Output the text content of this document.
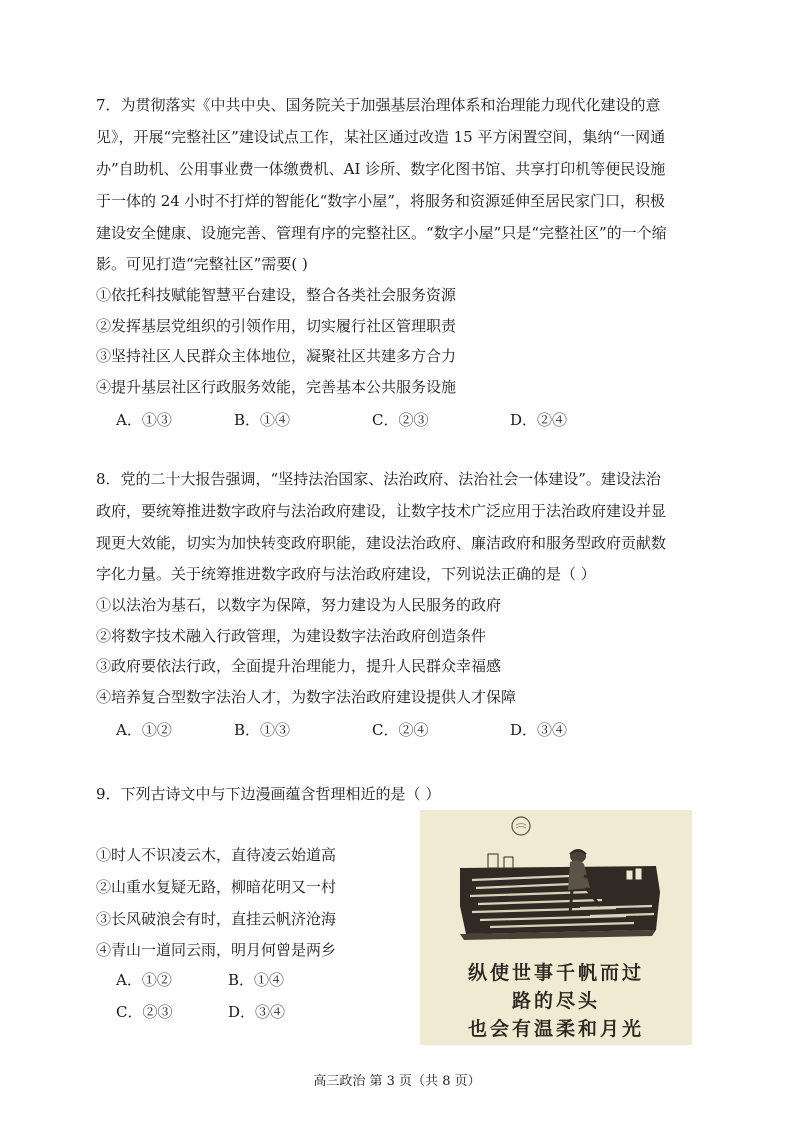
7．为贯彻落实《中共中央、国务院关于加强基层治理体系和治理能力现代化建设的意
见》，开展“完整社区”建设试点工作，某社区通过改造 15 平方闲置空间，集纳“一网通
办”自助机、公用事业费一体缴费机、AI 诊所、数字化图书馆、共享打印机等便民设施
于一体的 24 小时不打烊的智能化“数字小屋”，将服务和资源延伸至居民家门口，积极
建设安全健康、设施完善、管理有序的完整社区。“数字小屋”只是“完整社区”的一个缩
影。可见打造“完整社区”需要( )
①依托科技赋能智慧平台建设，整合各类社会服务资源
②发挥基层党组织的引领作用，切实履行社区管理职责
③坚持社区人民群众主体地位，凝聚社区共建多方合力
④提升基层社区行政服务效能，完善基本公共服务设施
A．①③	B．①④	C．②③	D．②④
8．党的二十大报告强调，“坚持法治国家、法治政府、法治社会一体建设”。建设法治
政府，要统筹推进数字政府与法治政府建设，让数字技术广泛应用于法治政府建设并显
现更大效能，切实为加快转变政府职能，建设法治政府、廉洁政府和服务型政府贡献数
字化力量。关于统筹推进数字政府与法治政府建设，下列说法正确的是（ ）
①以法治为基石，以数字为保障，努力建设为人民服务的政府
②将数字技术融入行政管理，为建设数字法治政府创造条件
③政府要依法行政，全面提升治理能力，提升人民群众幸福感
④培养复合型数字法治人才，为数字法治政府建设提供人才保障
A．①②	B．①③	C．②④	D．③④
9．下列古诗文中与下边漫画蕴含哲理相近的是（ ）
①时人不识凌云木，直待凌云始道高
②山重水复疑无路，柳暗花明又一村
③长风破浪会有时，直挂云帆济沧海
④青山一道同云雨，明月何曾是两乡
A．①②	B．①④
C．②③	D．③④
纵使世事千帆而过
路的尽头
也会有温柔和月光
高三政治 第 3 页（共 8 页）
